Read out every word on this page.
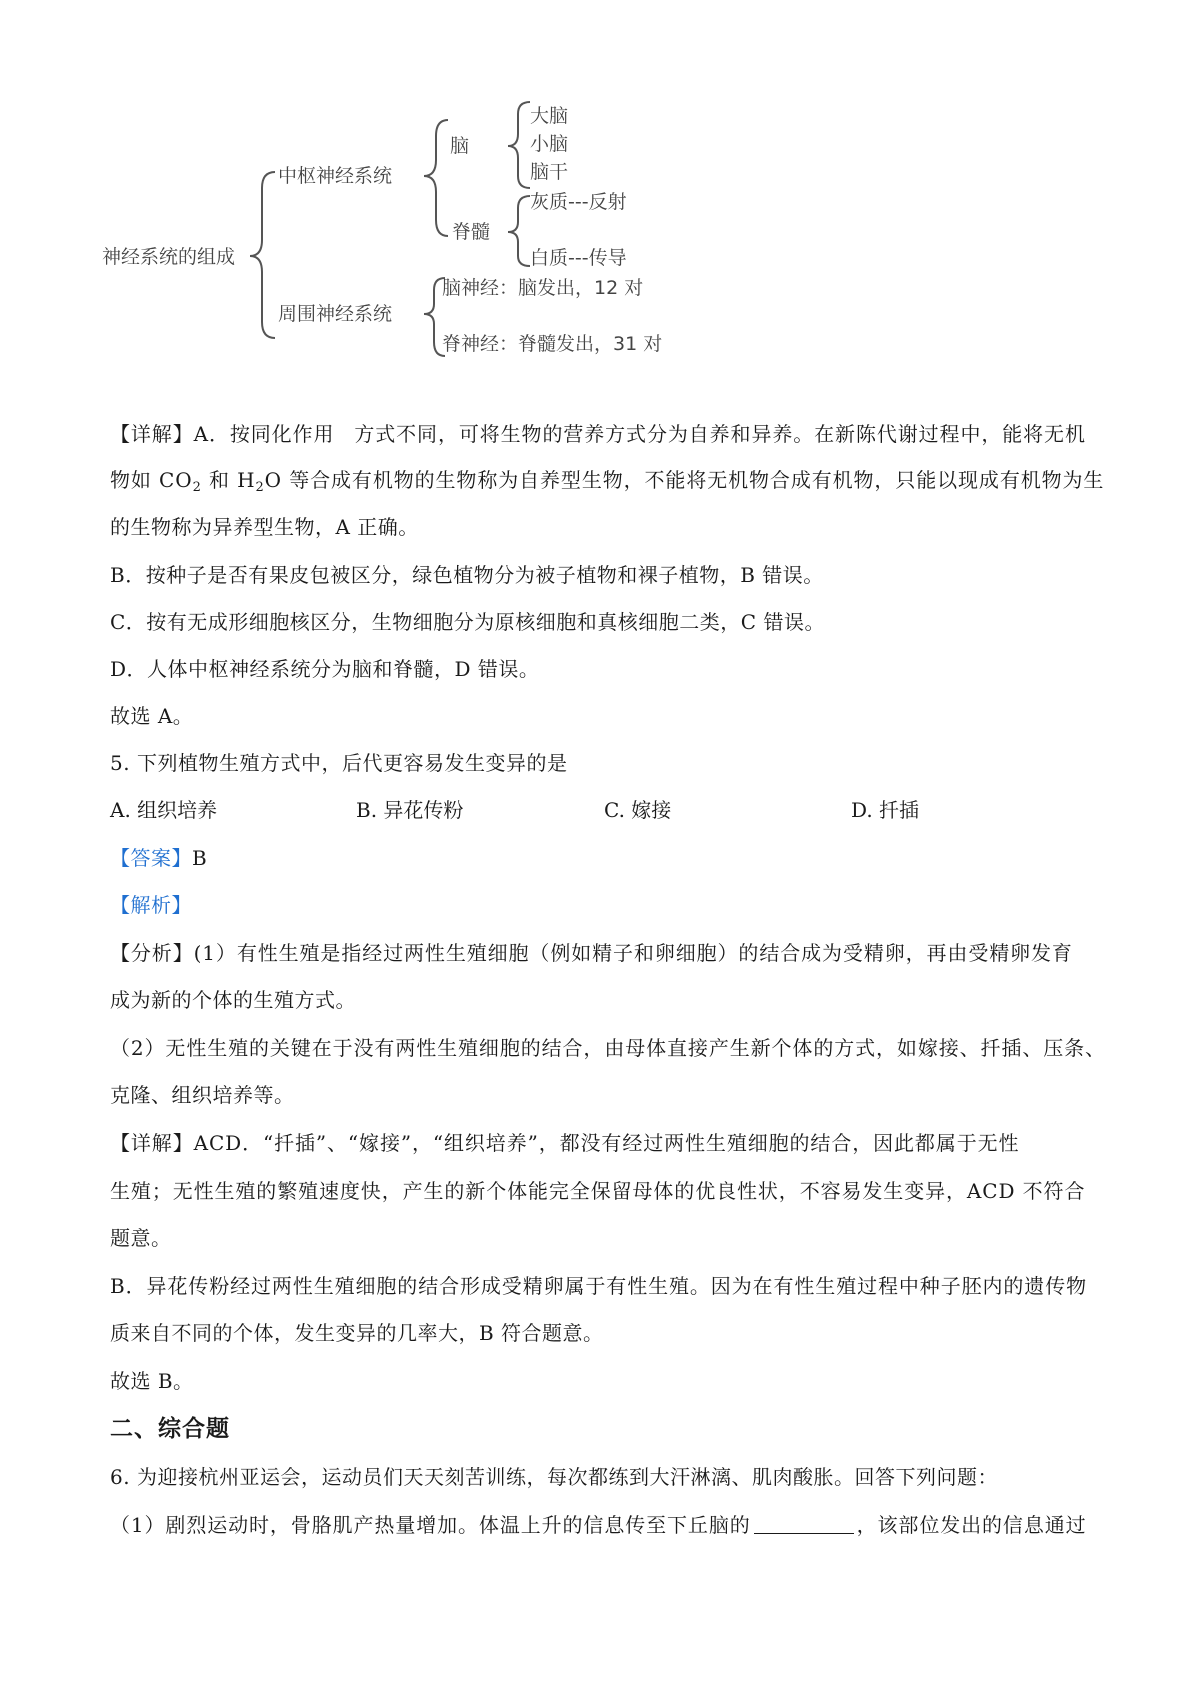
神经系统的组成
中枢神经系统
周围神经系统
脑
脊髓
大脑
小脑
脑干
灰质---反射
白质---传导
脑神经：脑发出，12 对
脊神经：脊髓发出，31 对
【详解】A．按同化作用 方式不同，可将生物的营养方式分为自养和异养。在新陈代谢过程中，能将无机
物如 $CO_2$ 和 $H_2O$ 等合成有机物的生物称为自养型生物，不能将无机物合成有机物，只能以现成有机物为生
的生物称为异养型生物，A 正确。
B．按种子是否有果皮包被区分，绿色植物分为被子植物和裸子植物，B 错误。
C．按有无成形细胞核区分，生物细胞分为原核细胞和真核细胞二类，C 错误。
D．人体中枢神经系统分为脑和脊髓，D 错误。
故选 A。
5. 下列植物生殖方式中，后代更容易发生变异的是
A. 组织培养	B. 异花传粉	C. 嫁接	D. 扦插
【答案】B
【解析】
【分析】(1）有性生殖是指经过两性生殖细胞（例如精子和卵细胞）的结合成为受精卵，再由受精卵发育
成为新的个体的生殖方式。
（2）无性生殖的关键在于没有两性生殖细胞的结合，由母体直接产生新个体的方式，如嫁接、扦插、压条、
克隆、组织培养等。
【详解】ACD．“扦插”、“嫁接”，“组织培养”，都没有经过两性生殖细胞的结合，因此都属于无性
生殖；无性生殖的繁殖速度快，产生的新个体能完全保留母体的优良性状，不容易发生变异，ACD 不符合
题意。
B．异花传粉经过两性生殖细胞的结合形成受精卵属于有性生殖。因为在有性生殖过程中种子胚内的遗传物
质来自不同的个体，发生变异的几率大，B 符合题意。
故选 B。
二、综合题
6. 为迎接杭州亚运会，运动员们天天刻苦训练，每次都练到大汗淋漓、肌肉酸胀。回答下列问题：
（1）剧烈运动时，骨胳肌产热量增加。体温上升的信息传至下丘脑的	，该部位发出的信息通过
